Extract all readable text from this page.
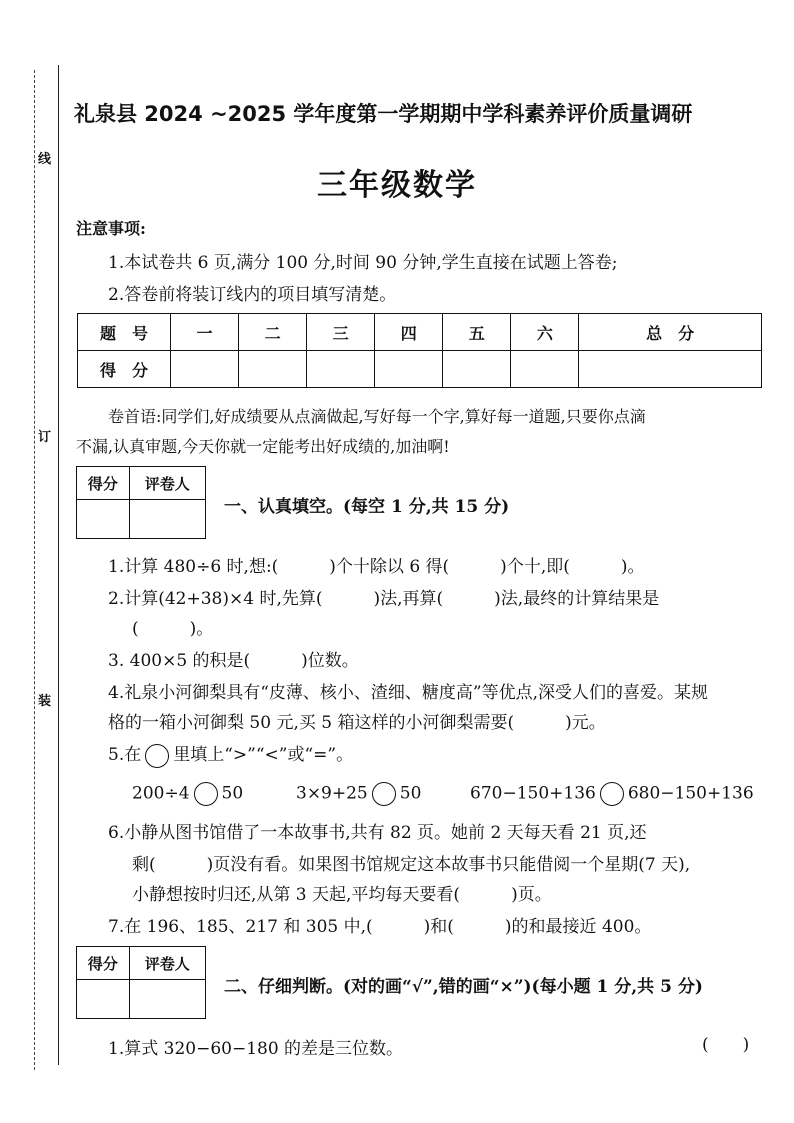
线
订
装
礼泉县 2024 ~2025 学年度第一学期期中学科素养评价质量调研
三年级数学
注意事项:
1.本试卷共 6 页,满分 100 分,时间 90 分钟,学生直接在试题上答卷;
2.答卷前将装订线内的项目填写清楚。
题　号	一	二	三	四	五	六	总　分
得　分							
卷首语:同学们,好成绩要从点滴做起,写好每一个字,算好每一道题,只要你点滴
不漏,认真审题,今天你就一定能考出好成绩的,加油啊!
得分	评卷人

一、认真填空。(每空 1 分,共 15 分)
1.计算 480÷6 时,想:(　　　)个十除以 6 得(　　　)个十,即(　　　)。
2.计算(42+38)×4 时,先算(　　　)法,再算(　　　)法,最终的计算结果是
(　　　)。
3. 400×5 的积是(　　　)位数。
4.礼泉小河御梨具有“皮薄、核小、渣细、糖度高”等优点,深受人们的喜爱。某规
格的一箱小河御梨 50 元,买 5 箱这样的小河御梨需要(　　　)元。
5.在 里填上“>”“<”或“=”。
200÷4 50	3×9+25 50	670−150+136 680−150+136
6.小静从图书馆借了一本故事书,共有 82 页。她前 2 天每天看 21 页,还
剩(　　　)页没有看。如果图书馆规定这本故事书只能借阅一个星期(7 天),
小静想按时归还,从第 3 天起,平均每天要看(　　　)页。
7.在 196、185、217 和 305 中,(　　　)和(　　　)的和最接近 400。
得分	评卷人

二、仔细判断。(对的画“√”,错的画“×”)(每小题 1 分,共 5 分)
1.算式 320−60−180 的差是三位数。	(　　)
